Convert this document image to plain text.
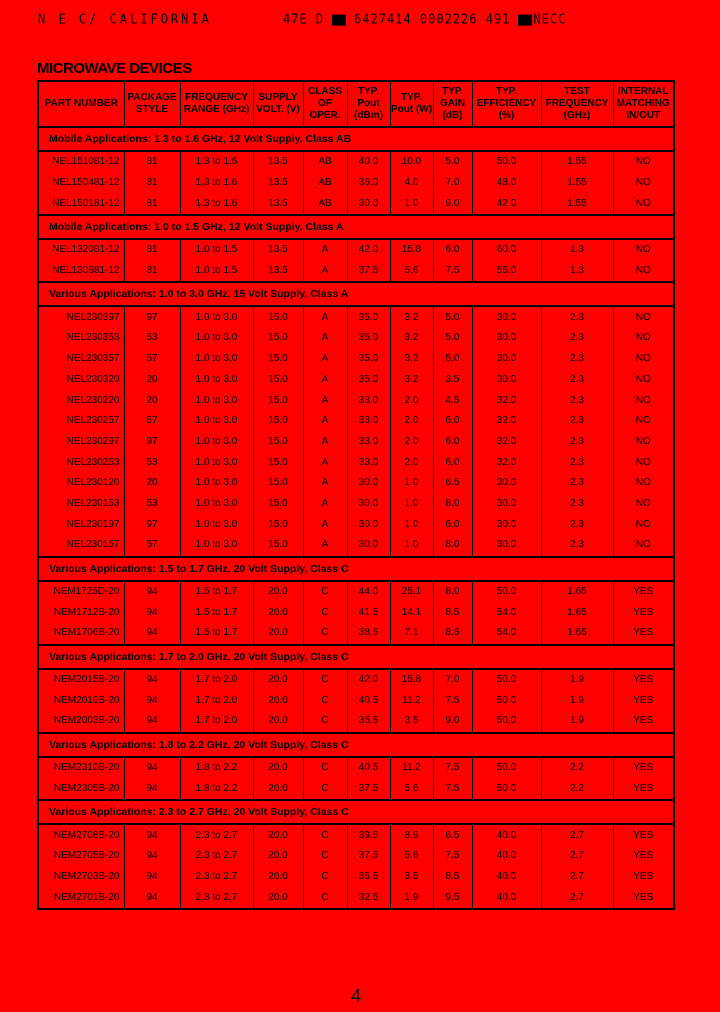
N E C/ CALIFORNIA	47E D	6427414 0002226 491 NECC
MICROWAVE DEVICES
PART NUMBER	PACKAGE STYLE	FREQUENCY RANGE (GHz)	SUPPLY VOLT. (V)	CLASS OF OPER.	TYP. Pout (dBm)	TYP. Pout (W)	TYP. GAIN (dB)	TYP. EFFICIENCY (%)	TEST FREQUENCY (GHz)	INTERNAL MATCHING IN/OUT
Mobile Applications: 1.3 to 1.6 GHz, 12 Volt Supply, Class AB										
NEL151081-12	81	1.3 to 1.6	13.5	AB	40.0	10.0	5.0	50.0	1.55	NO
NEL150481-12	81	1.3 to 1.6	13.5	AB	36.0	4.0	7.0	48.0	1.55	NO
NEL150181-12	81	1.3 to 1.6	13.5	AB	30.0	1.0	9.0	42.0	1.55	NO
Mobile Applications: 1.0 to 1.5 GHz, 12 Volt Supply, Class A										
NEL132081-12	81	1.0 to 1.5	13.5	A	42.0	15.8	6.0	60.0	1.3	NO
NEL130681-12	81	1.0 to 1.5	13.5	A	37.5	5.6	7.5	55.0	1.3	NO
Various Applications: 1.0 to 3.0 GHz, 15 Volt Supply, Class A										
NEL230397	97	1.0 to 3.0	15.0	A	35.0	3.2	5.0	30.0	2.3	NO
NEL230353	53	1.0 to 3.0	15.0	A	35.0	3.2	5.0	30.0	2.3	NO
NEL230357	57	1.0 to 3.0	15.0	A	35.0	3.2	5.0	30.0	2.3	NO
NEL230320	20	1.0 to 3.0	15.0	A	35.0	3.2	3.5	30.0	2.3	NO
NEL230220	20	1.0 to 3.0	15.0	A	33.0	2.0	4.5	32.0	2.3	NO
NEL230257	57	1.0 to 3.0	15.0	A	33.0	2.0	6.0	32.0	2.3	NO
NEL230297	97	1.0 to 3.0	15.0	A	33.0	2.0	6.0	32.0	2.3	NO
NEL230253	53	1.0 to 3.0	15.0	A	33.0	2.0	6.0	32.0	2.3	NO
NEL230120	20	1.0 to 3.0	15.0	A	30.0	1.0	6.5	30.0	2.3	NO
NEL230153	53	1.0 to 3.0	15.0	A	30.0	1.0	8.0	30.0	2.3	NO
NEL230197	97	1.0 to 3.0	15.0	A	30.0	1.0	6.0	30.0	2.3	NO
NEL230157	57	1.0 to 3.0	15.0	A	30.0	1.0	8.0	30.0	2.3	NO
Various Applications: 1.5 to 1.7 GHz, 20 Volt Supply, Class C										
NEM1725D-20	94	1.5 to 1.7	20.0	C	44.0	25.1	8.0	50.0	1.65	YES
NEM1712B-20	94	1.5 to 1.7	20.0	C	41.5	14.1	8.5	54.0	1.65	YES
NEM1706B-20	94	1.5 to 1.7	20.0	C	38.5	7.1	8.5	54.0	1.65	YES
Various Applications: 1.7 to 2.0 GHz, 20 Volt Supply, Class C										
NEM2015B-20	94	1.7 to 2.0	20.0	C	42.0	15.8	7.0	50.0	1.9	YES
NEM2010B-20	94	1.7 to 2.0	20.0	C	40.5	11.2	7.5	50.0	1.9	YES
NEM2003B-20	94	1.7 to 2.0	20.0	C	35.5	3.5	9.0	50.0	1.9	YES
Various Applications: 1.8 to 2.2 GHz, 20 Volt Supply, Class C										
NEM2310B-20	94	1.8 to 2.2	20.0	C	40.5	11.2	7.5	50.0	2.2	YES
NEM2305B-20	94	1.8 to 2.2	20.0	C	37.5	5.6	7.5	50.0	2.2	YES
Various Applications: 2.3 to 2.7 GHz, 20 Volt Supply, Class C										
NEM2708B-20	94	2.3 to 2.7	20.0	C	39.5	8.9	6.5	40.0	2.7	YES
NEM2705B-20	94	2.3 to 2.7	20.0	C	37.5	5.6	7.5	40.0	2.7	YES
NEM2703B-20	94	2.3 to 2.7	20.0	C	35.5	3.5	8.5	40.0	2.7	YES
NEM2701B-20	94	2.3 to 2.7	20.0	C	32.5	1.9	9.5	40.0	2.7	YES
4
